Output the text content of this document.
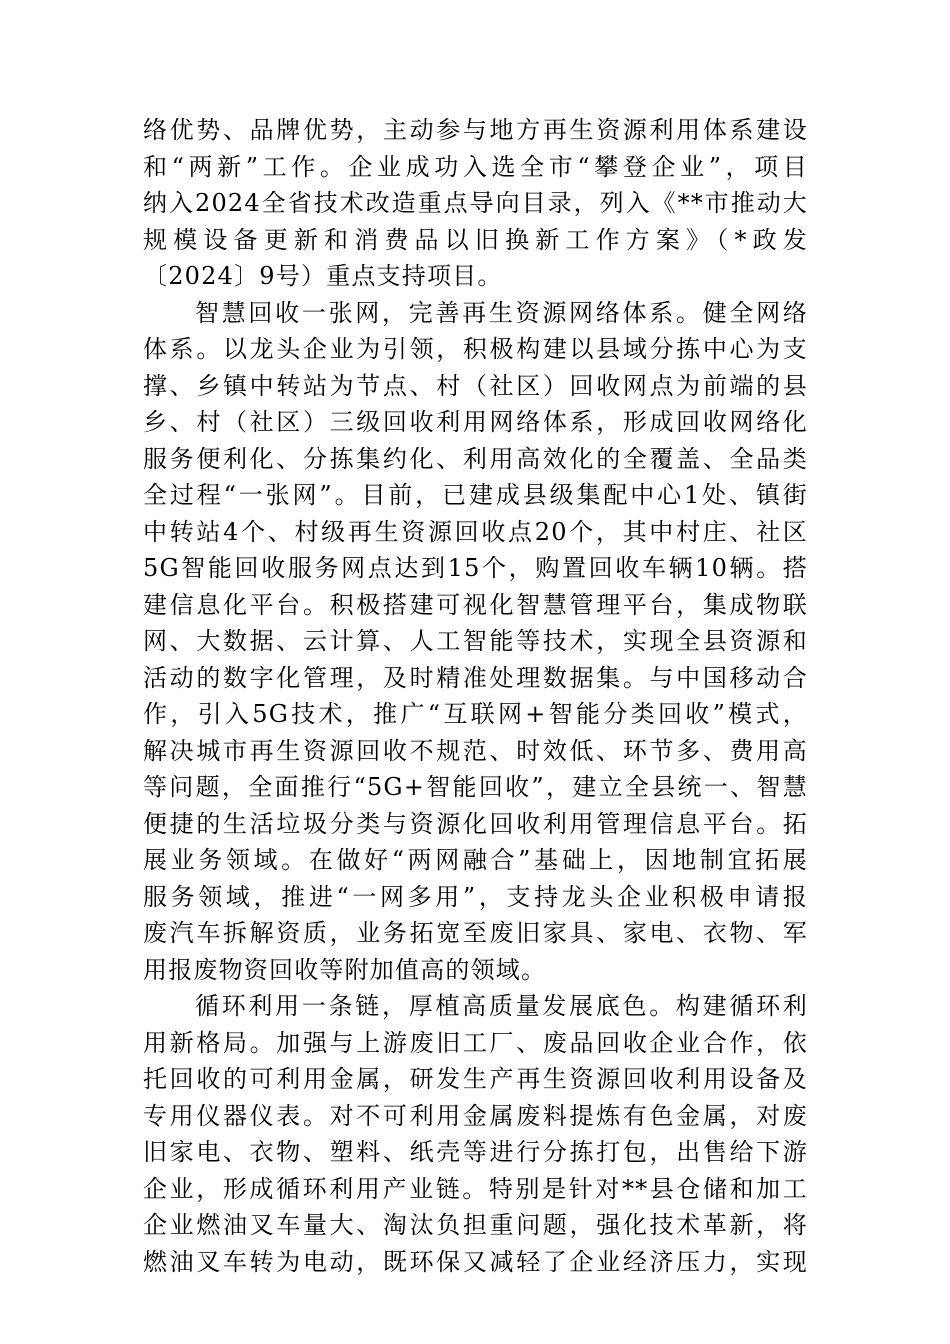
络优势、品牌优势，主动参与地方再生资源利用体系建设
和“两新”工作。企业成功入选全市“攀登企业”，项目
纳入2024全省技术改造重点导向目录，列入《**市推动大
规模设备更新和消费品以旧换新工作方案》（*政发
〔2024〕9号）重点支持项目。
智慧回收一张网，完善再生资源网络体系。健全网络
体系。以龙头企业为引领，积极构建以县域分拣中心为支
撑、乡镇中转站为节点、村（社区）回收网点为前端的县
乡、村（社区）三级回收利用网络体系，形成回收网络化
服务便利化、分拣集约化、利用高效化的全覆盖、全品类
全过程“一张网”。目前，已建成县级集配中心1处、镇街
中转站4个、村级再生资源回收点20个，其中村庄、社区
5G智能回收服务网点达到15个，购置回收车辆10辆。搭
建信息化平台。积极搭建可视化智慧管理平台，集成物联
网、大数据、云计算、人工智能等技术，实现全县资源和
活动的数字化管理，及时精准处理数据集。与中国移动合
作，引入5G技术，推广“互联网+智能分类回收”模式，
解决城市再生资源回收不规范、时效低、环节多、费用高
等问题，全面推行“5G+智能回收”，建立全县统一、智慧
便捷的生活垃圾分类与资源化回收利用管理信息平台。拓
展业务领域。在做好“两网融合”基础上，因地制宜拓展
服务领域，推进“一网多用”，支持龙头企业积极申请报
废汽车拆解资质，业务拓宽至废旧家具、家电、衣物、军
用报废物资回收等附加值高的领域。
循环利用一条链，厚植高质量发展底色。构建循环利
用新格局。加强与上游废旧工厂、废品回收企业合作，依
托回收的可利用金属，研发生产再生资源回收利用设备及
专用仪器仪表。对不可利用金属废料提炼有色金属，对废
旧家电、衣物、塑料、纸壳等进行分拣打包，出售给下游
企业，形成循环利用产业链。特别是针对**县仓储和加工
企业燃油叉车量大、淘汰负担重问题，强化技术革新，将
燃油叉车转为电动，既环保又减轻了企业经济压力，实现
